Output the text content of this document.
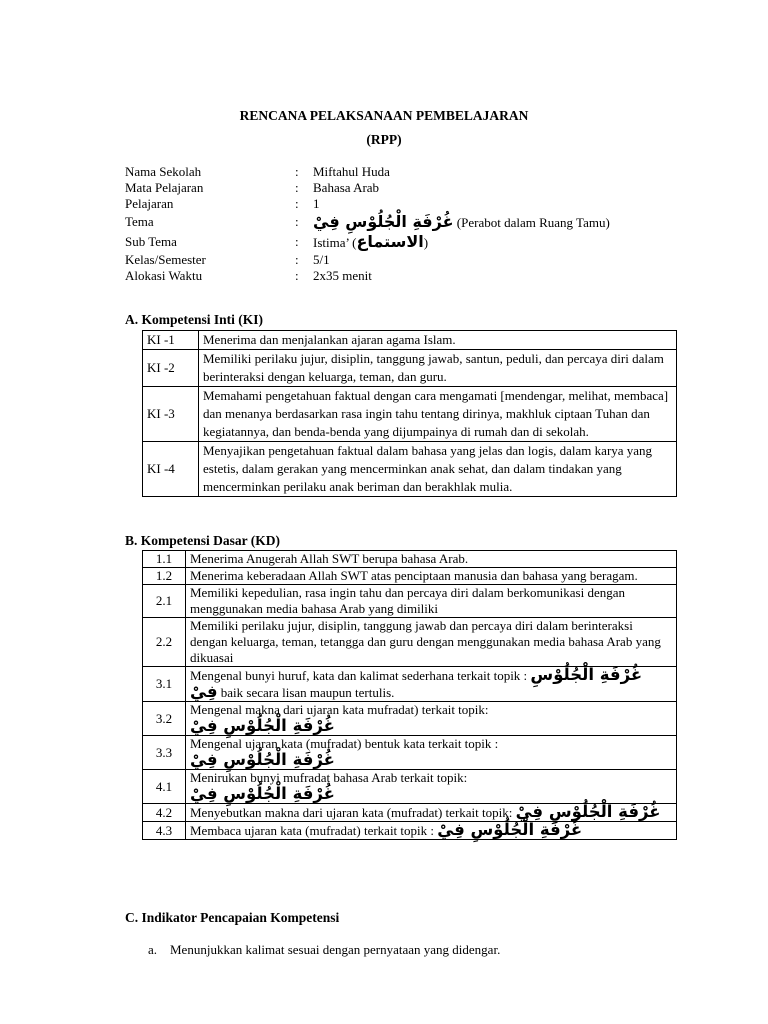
RENCANA PELAKSANAAN PEMBELAJARAN
(RPP)
Nama Sekolah	:	Miftahul Huda
Mata Pelajaran	:	Bahasa Arab
Pelajaran	:	1
Tema	: غُرْفَةِ الْجُلُوْسِ فِيْ (Perabot dalam Ruang Tamu)
Sub Tema	:	Istima’ (الاستماع)
Kelas/Semester	:	5/1
Alokasi Waktu	:	2x35 menit
A. Kompetensi Inti (KI)
KI -1	Menerima dan menjalankan ajaran agama Islam.
KI -2	Memiliki perilaku jujur, disiplin, tanggung jawab, santun, peduli, dan percaya diri dalam berinteraksi dengan keluarga, teman, dan guru.
KI -3	Memahami pengetahuan faktual dengan cara mengamati [mendengar, melihat, membaca] dan menanya berdasarkan rasa ingin tahu tentang dirinya, makhluk ciptaan Tuhan dan kegiatannya, dan benda-benda yang dijumpainya di rumah dan di sekolah.
KI -4	Menyajikan pengetahuan faktual dalam bahasa yang jelas dan logis, dalam karya yang estetis, dalam gerakan yang mencerminkan anak sehat, dan dalam tindakan yang mencerminkan perilaku anak beriman dan berakhlak mulia.
B. Kompetensi Dasar (KD)
1.1	Menerima Anugerah Allah SWT berupa bahasa Arab.
1.2	Menerima keberadaan Allah SWT atas penciptaan manusia dan bahasa yang beragam.
2.1	Memiliki kepedulian, rasa ingin tahu dan percaya diri dalam berkomunikasi dengan menggunakan media bahasa Arab yang dimiliki
2.2	Memiliki perilaku jujur, disiplin, tanggung jawab dan percaya diri dalam berinteraksi dengan keluarga, teman, tetangga dan guru dengan menggunakan media bahasa Arab yang dikuasai
3.1	Mengenal bunyi huruf, kata dan kalimat sederhana terkait topik : غُرْفَةِ الْجُلُوْسِ فِيْ baik secara lisan maupun tertulis.
3.2	Mengenal makna dari ujaran kata mufradat) terkait topik:
غُرْفَةِ الْجُلُوْسِ فِيْ
3.3	Mengenal ujaran kata (mufradat) bentuk kata terkait topik :
غُرْفَةِ الْجُلُوْسِ فِيْ
4.1	Menirukan bunyi mufradat bahasa Arab terkait topik:
غُرْفَةِ الْجُلُوْسِ فِيْ
4.2	Menyebutkan makna dari ujaran kata (mufradat) terkait topik: غُرْفَةِ الْجُلُوْسِ فِيْ
4.3	Membaca ujaran kata (mufradat) terkait topik : غُرْفَةِ الْجُلُوْسِ فِيْ
C. Indikator Pencapaian Kompetensi
a. Menunjukkan kalimat sesuai dengan pernyataan yang didengar.
